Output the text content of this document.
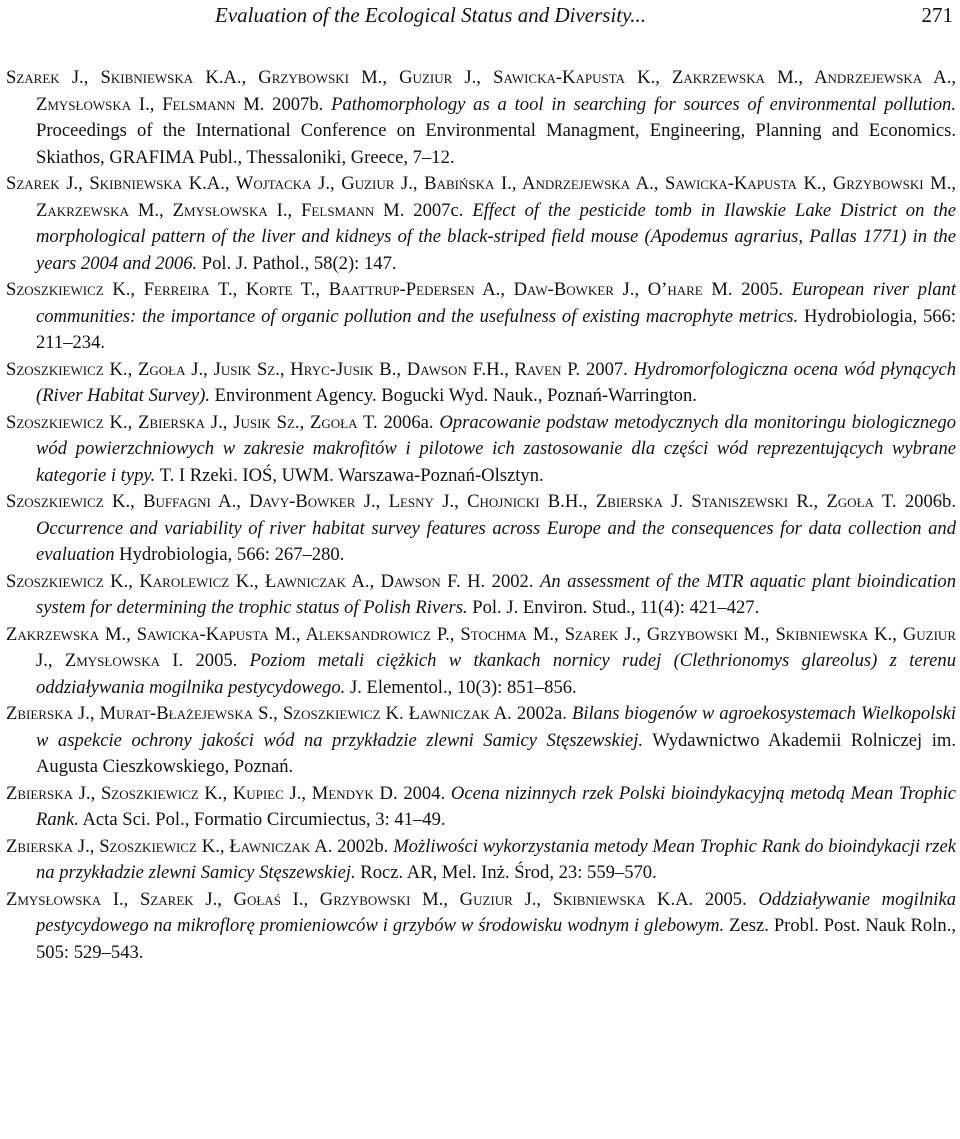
Evaluation of the Ecological Status and Diversity...	271

Szarek J., Skibniewska K.A., Grzybowski M., Guziur J., Sawicka-Kapusta K., Zakrzewska M., Andrzejewska A., Zmysłowska I., Felsmann M. 2007b. Pathomorphology as a tool in searching for sources of environmental pollution. Proceedings of the International Conference on Environmental Managment, Engineering, Planning and Economics. Skiathos, GRAFIMA Publ., Thessaloniki, Greece, 7–12.

Szarek J., Skibniewska K.A., Wojtacka J., Guziur J., Babińska I., Andrzejewska A., Sawicka-Kapusta K., Grzybowski M., Zakrzewska M., Zmysłowska I., Felsmann M. 2007c. Effect of the pesticide tomb in Ilawskie Lake District on the morphological pattern of the liver and kidneys of the black-striped field mouse (Apodemus agrarius, Pallas 1771) in the years 2004 and 2006. Pol. J. Pathol., 58(2): 147.

Szoszkiewicz K., Ferreira T., Korte T., Baattrup-Pedersen A., Daw-Bowker J., O’hare M. 2005. European river plant communities: the importance of organic pollution and the usefulness of existing macrophyte metrics. Hydrobiologia, 566: 211–234.

Szoszkiewicz K., Zgoła J., Jusik Sz., Hryc-Jusik B., Dawson F.H., Raven P. 2007. Hydromorfologiczna ocena wód płynących (River Habitat Survey). Environment Agency. Bogucki Wyd. Nauk., Poznań-Warrington.

Szoszkiewicz K., Zbierska J., Jusik Sz., Zgoła T. 2006a. Opracowanie podstaw metodycznych dla monitoringu biologicznego wód powierzchniowych w zakresie makrofitów i pilotowe ich zastosowanie dla części wód reprezentujących wybrane kategorie i typy. T. I Rzeki. IOŚ, UWM. Warszawa-Poznań-Olsztyn.

Szoszkiewicz K., Buffagni A., Davy-Bowker J., Lesny J., Chojnicki B.H., Zbierska J. Staniszewski R., Zgoła T. 2006b. Occurrence and variability of river habitat survey features across Europe and the consequences for data collection and evaluation Hydrobiologia, 566: 267–280.

Szoszkiewicz K., Karolewicz K., Ławniczak A., Dawson F. H. 2002. An assessment of the MTR aquatic plant bioindication system for determining the trophic status of Polish Rivers. Pol. J. Environ. Stud., 11(4): 421–427.

Zakrzewska M., Sawicka-Kapusta M., Aleksandrowicz P., Stochma M., Szarek J., Grzybowski M., Skibniewska K., Guziur J., Zmysłowska I. 2005. Poziom metali ciężkich w tkankach nornicy rudej (Clethrionomys glareolus) z terenu oddziaływania mogilnika pestycydowego. J. Elementol., 10(3): 851–856.

Zbierska J., Murat-Błażejewska S., Szoszkiewicz K. Ławniczak A. 2002a. Bilans biogenów w agroekosystemach Wielkopolski w aspekcie ochrony jakości wód na przykładzie zlewni Samicy Stęszewskiej. Wydawnictwo Akademii Rolniczej im. Augusta Cieszkowskiego, Poznań.

Zbierska J., Szoszkiewicz K., Kupiec J., Mendyk D. 2004. Ocena nizinnych rzek Polski bioindykacyjną metodą Mean Trophic Rank. Acta Sci. Pol., Formatio Circumiectus, 3: 41–49.

Zbierska J., Szoszkiewicz K., Ławniczak A. 2002b. Możliwości wykorzystania metody Mean Trophic Rank do bioindykacji rzek na przykładzie zlewni Samicy Stęszewskiej. Rocz. AR, Mel. Inż. Środ, 23: 559–570.

Zmysłowska I., Szarek J., Gołaś I., Grzybowski M., Guziur J., Skibniewska K.A. 2005. Oddziaływanie mogilnika pestycydowego na mikroflorę promieniowców i grzybów w środowisku wodnym i glebowym. Zesz. Probl. Post. Nauk Roln., 505: 529–543.
